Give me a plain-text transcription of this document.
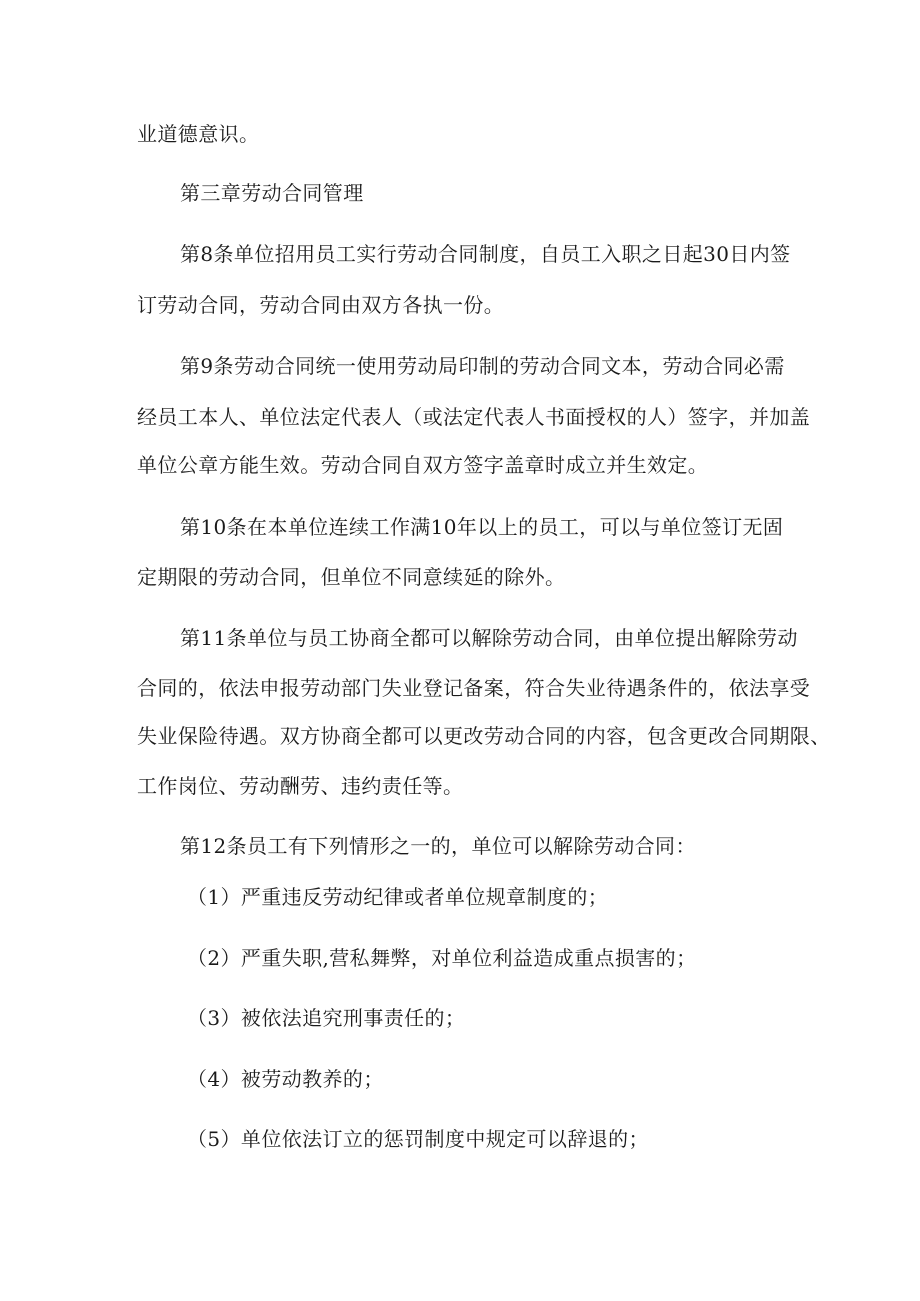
业道德意识。
第三章劳动合同管理
第8条单位招用员工实行劳动合同制度，自员工入职之日起30日内签
订劳动合同，劳动合同由双方各执一份。
第9条劳动合同统一使用劳动局印制的劳动合同文本，劳动合同必需
经员工本人、单位法定代表人（或法定代表人书面授权的人）签字，并加盖
单位公章方能生效。劳动合同自双方签字盖章时成立并生效定。
第10条在本单位连续工作满10年以上的员工，可以与单位签订无固
定期限的劳动合同，但单位不同意续延的除外。
第11条单位与员工协商全都可以解除劳动合同，由单位提出解除劳动
合同的，依法申报劳动部门失业登记备案，符合失业待遇条件的，依法享受
失业保险待遇。双方协商全都可以更改劳动合同的内容，包含更改合同期限、
工作岗位、劳动酬劳、违约责任等。
第12条员工有下列情形之一的，单位可以解除劳动合同：
（1）严重违反劳动纪律或者单位规章制度的；
（2）严重失职,营私舞弊，对单位利益造成重点损害的；
（3）被依法追究刑事责任的；
（4）被劳动教养的；
（5）单位依法订立的惩罚制度中规定可以辞退的；
